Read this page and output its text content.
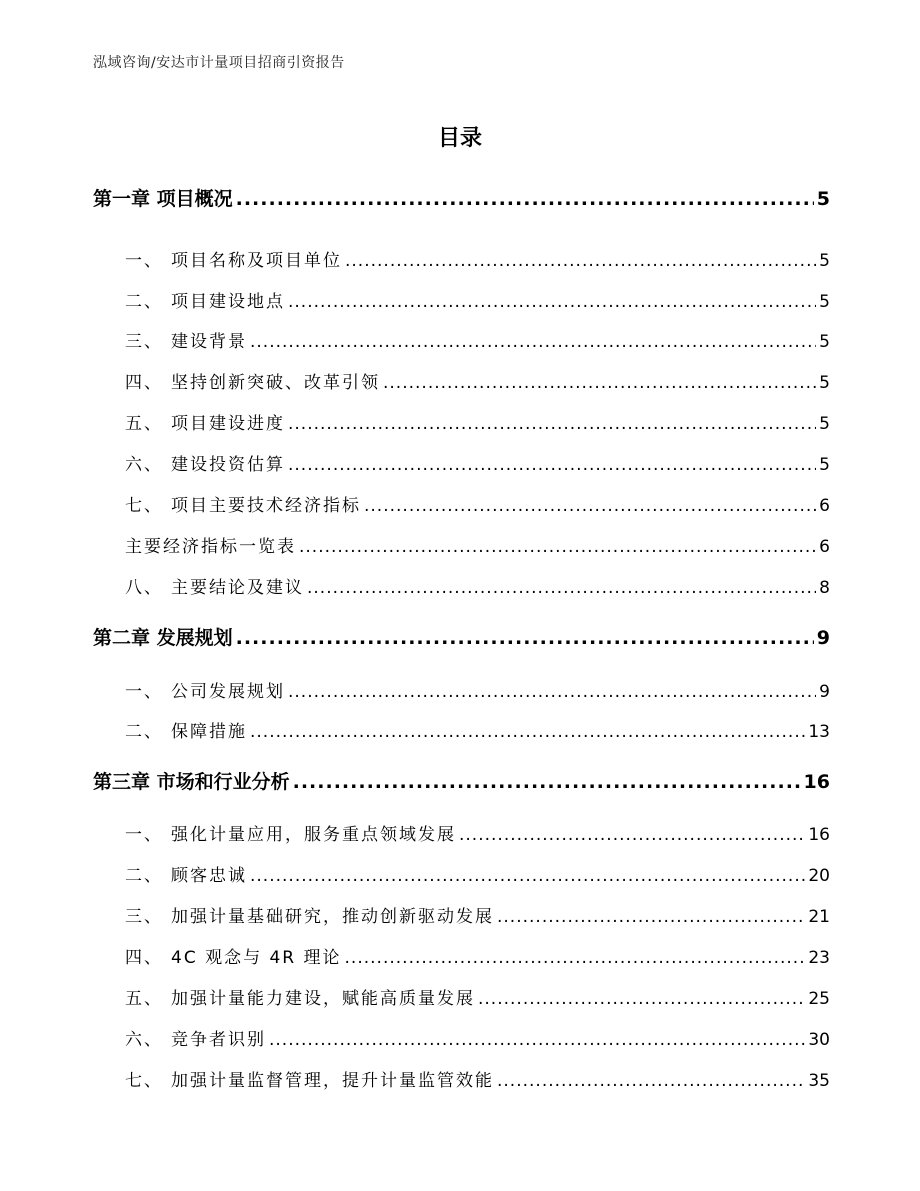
泓域咨询/安达市计量项目招商引资报告
目录
第一章 项目概况 .....	5
一、 项目名称及项目单位 .....	5
二、 项目建设地点 .....	5
三、 建设背景 .....	5
四、 坚持创新突破、改革引领 .....	5
五、 项目建设进度 .....	5
六、 建设投资估算 .....	5
七、 项目主要技术经济指标 .....	6
主要经济指标一览表 .....	6
八、 主要结论及建议 .....	8
第二章 发展规划 .....	9
一、 公司发展规划 .....	9
二、 保障措施 .....	13
第三章 市场和行业分析 .....	16
一、 强化计量应用，服务重点领域发展 .....	16
二、 顾客忠诚 .....	20
三、 加强计量基础研究，推动创新驱动发展 .....	21
四、 4C 观念与 4R 理论 .....	23
五、 加强计量能力建设，赋能高质量发展 .....	25
六、 竞争者识别 .....	30
七、 加强计量监督管理，提升计量监管效能 .....	35
